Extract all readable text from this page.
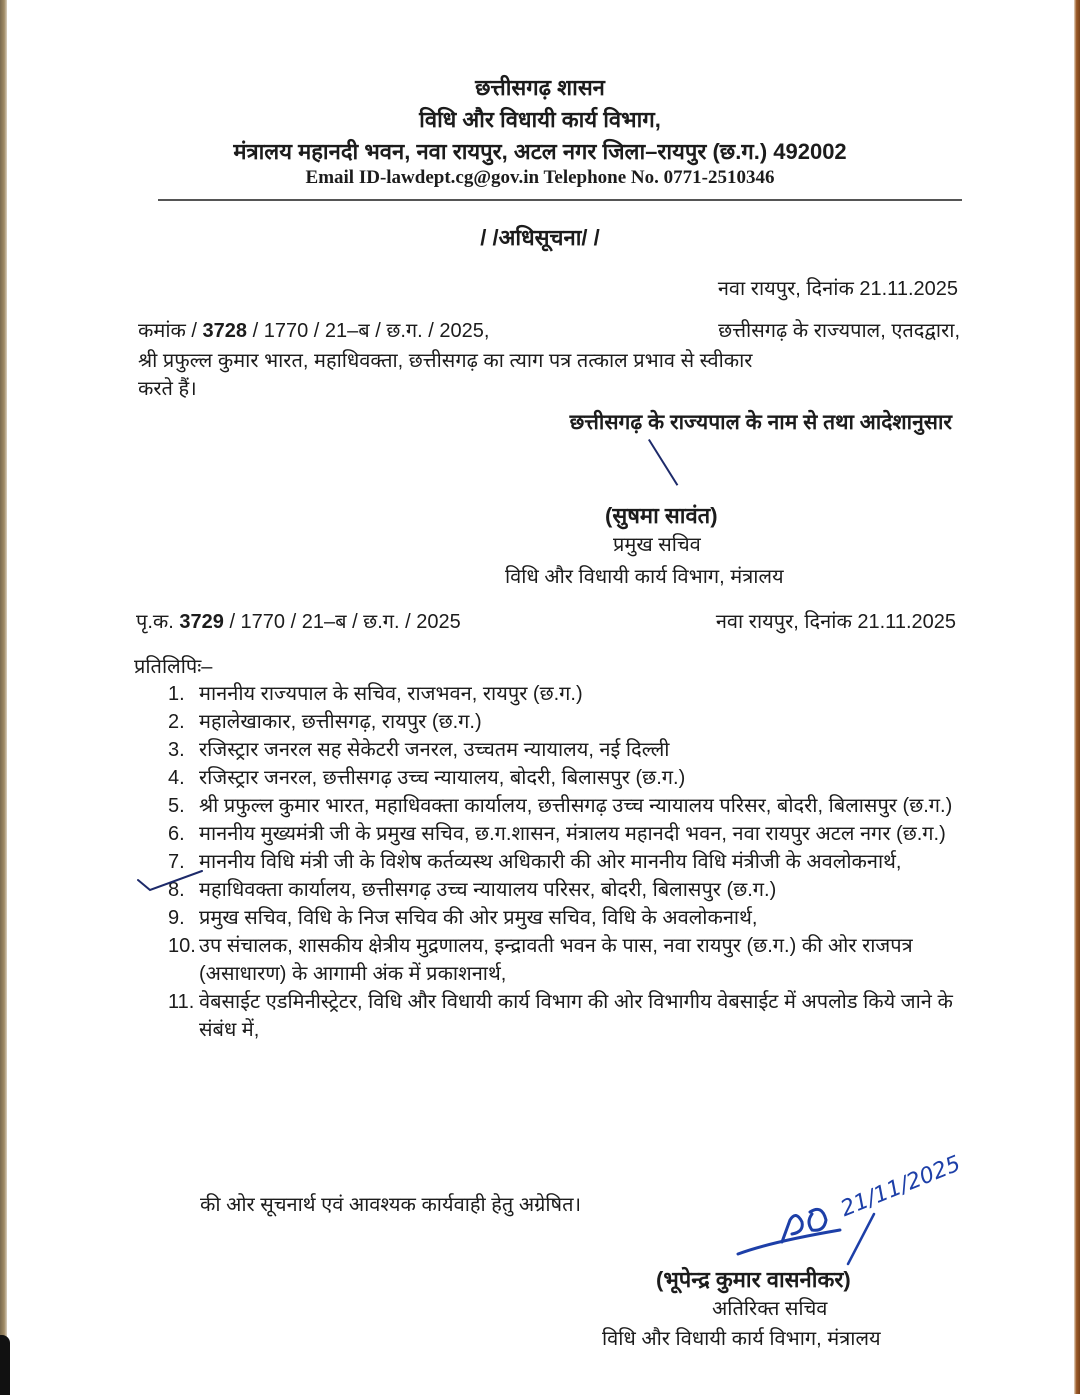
छत्तीसगढ़ शासन
विधि और विधायी कार्य विभाग,
मंत्रालय महानदी भवन, नवा रायपुर, अटल नगर जिला–रायपुर (छ.ग.) 492002
Email ID-lawdept.cg@gov.in Telephone No. 0771-2510346
/ /अधिसूचना/ /
नवा रायपुर, दिनांक 21.11.2025
कमांक / 3728 / 1770 / 21–ब / छ.ग. / 2025,	छत्तीसगढ़ के राज्यपाल, एतदद्वारा,
श्री प्रफुल्ल कुमार भारत, महाधिवक्ता, छत्तीसगढ़ का त्याग पत्र तत्काल प्रभाव से स्वीकार
करते हैं।
छत्तीसगढ़ के राज्यपाल के नाम से तथा आदेशानुसार
(सुषमा सावंत)
प्रमुख सचिव
विधि और विधायी कार्य विभाग, मंत्रालय
पृ.क. 3729 / 1770 / 21–ब / छ.ग. / 2025	नवा रायपुर, दिनांक 21.11.2025
प्रतिलिपिः–
1. माननीय राज्यपाल के सचिव, राजभवन, रायपुर (छ.ग.)
2. महालेखाकार, छत्तीसगढ़, रायपुर (छ.ग.)
3. रजिस्ट्रार जनरल सह सेकेटरी जनरल, उच्चतम न्यायालय, नई दिल्ली
4. रजिस्ट्रार जनरल, छत्तीसगढ़ उच्च न्यायालय, बोदरी, बिलासपुर (छ.ग.)
5. श्री प्रफुल्ल कुमार भारत, महाधिवक्ता कार्यालय, छत्तीसगढ़ उच्च न्यायालय परिसर, बोदरी, बिलासपुर (छ.ग.)
6. माननीय मुख्यमंत्री जी के प्रमुख सचिव, छ.ग.शासन, मंत्रालय महानदी भवन, नवा रायपुर अटल नगर (छ.ग.)
7. माननीय विधि मंत्री जी के विशेष कर्तव्यस्थ अधिकारी की ओर माननीय विधि मंत्रीजी के अवलोकनार्थ,
8. महाधिवक्ता कार्यालय, छत्तीसगढ़ उच्च न्यायालय परिसर, बोदरी, बिलासपुर (छ.ग.)
9. प्रमुख सचिव, विधि के निज सचिव की ओर प्रमुख सचिव, विधि के अवलोकनार्थ,
10. उप संचालक, शासकीय क्षेत्रीय मुद्रणालय, इन्द्रावती भवन के पास, नवा रायपुर (छ.ग.) की ओर राजपत्र (असाधारण) के आगामी अंक में प्रकाशनार्थ,
11. वेबसाईट एडमिनीस्ट्रेटर, विधि और विधायी कार्य विभाग की ओर विभागीय वेबसाईट में अपलोड किये जाने के संबंध में,
की ओर सूचनार्थ एवं आवश्यक कार्यवाही हेतु अग्रेषित।	21/11/2025
(भूपेन्द्र कुमार वासनीकर)
अतिरिक्त सचिव
विधि और विधायी कार्य विभाग, मंत्रालय
